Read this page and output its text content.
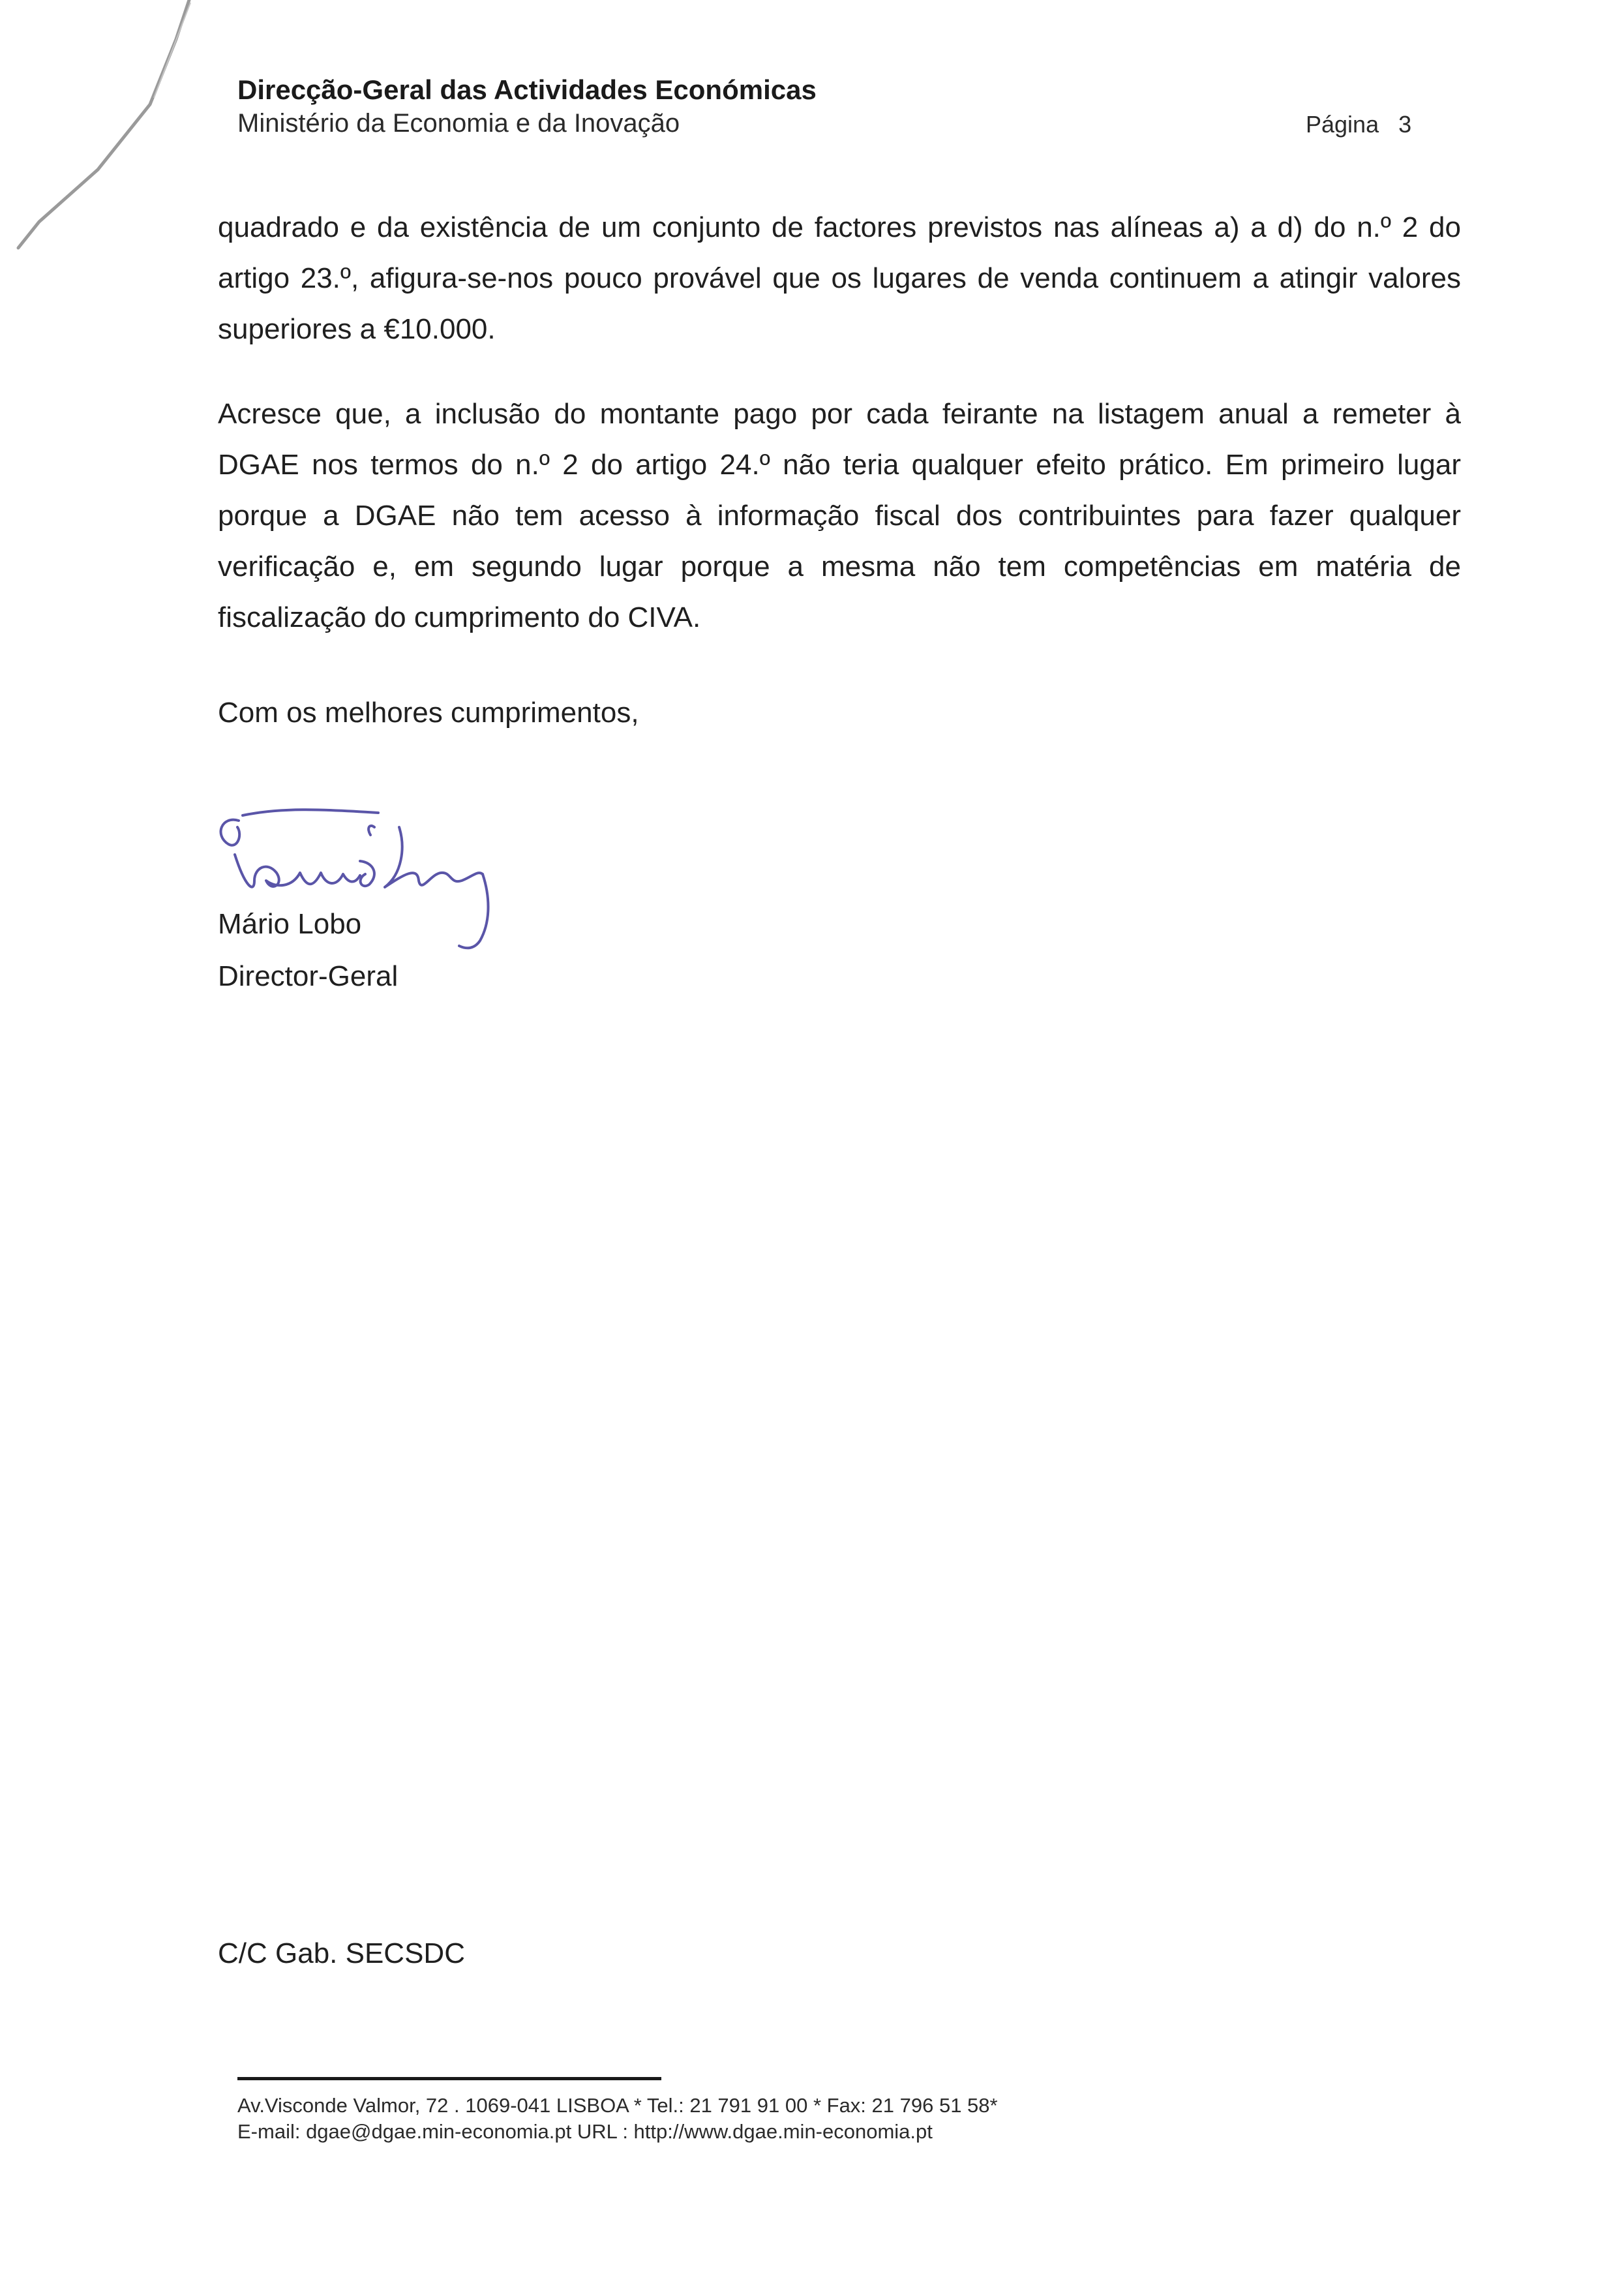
Direcção-Geral das Actividades Económicas
Ministério da Economia e da Inovação	Página 3

quadrado e da existência de um conjunto de factores previstos nas alíneas a) a d) do n.º 2 do artigo 23.º, afigura-se-nos pouco provável que os lugares de venda continuem a atingir valores superiores a €10.000.

Acresce que, a inclusão do montante pago por cada feirante na listagem anual a remeter à DGAE nos termos do n.º 2 do artigo 24.º não teria qualquer efeito prático. Em primeiro lugar porque a DGAE não tem acesso à informação fiscal dos contribuintes para fazer qualquer verificação e, em segundo lugar porque a mesma não tem competências em matéria de fiscalização do cumprimento do CIVA.

Com os melhores cumprimentos,
Mário Lobo
Director-Geral
C/C Gab. SECSDC
Av.Visconde Valmor, 72 . 1069-041 LISBOA * Tel.: 21 791 91 00 * Fax: 21 796 51 58*
E-mail: dgae@dgae.min-economia.pt URL : http://www.dgae.min-economia.pt
